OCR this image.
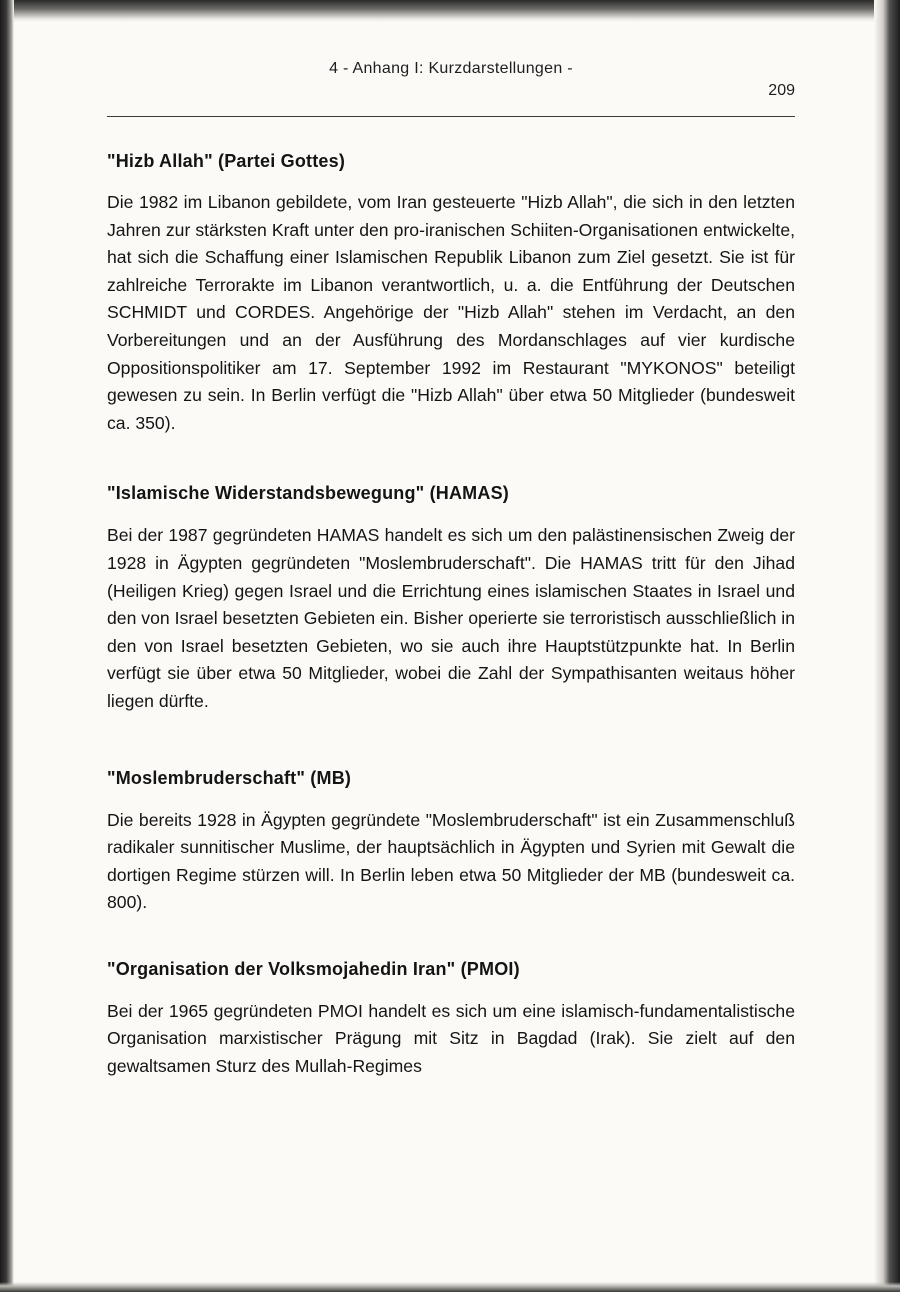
4 - Anhang I: Kurzdarstellungen -
209
"Hizb Allah" (Partei Gottes)

Die 1982 im Libanon gebildete, vom Iran gesteuerte "Hizb Allah", die sich in den letzten Jahren zur stärksten Kraft unter den pro-iranischen Schiiten-Organisationen entwickelte, hat sich die Schaffung einer Islamischen Republik Libanon zum Ziel gesetzt. Sie ist für zahlreiche Terrorakte im Libanon verantwortlich, u. a. die Entführung der Deutschen SCHMIDT und CORDES. Angehörige der "Hizb Allah" stehen im Verdacht, an den Vorbereitungen und an der Ausführung des Mordanschlages auf vier kurdische Oppositionspolitiker am 17. September 1992 im Restaurant "MYKONOS" beteiligt gewesen zu sein. In Berlin verfügt die "Hizb Allah" über etwa 50 Mitglieder (bundesweit ca. 350).

"Islamische Widerstandsbewegung" (HAMAS)

Bei der 1987 gegründeten HAMAS handelt es sich um den palästinensischen Zweig der 1928 in Ägypten gegründeten "Moslembruderschaft". Die HAMAS tritt für den Jihad (Heiligen Krieg) gegen Israel und die Errichtung eines islamischen Staates in Israel und den von Israel besetzten Gebieten ein. Bisher operierte sie terroristisch ausschließlich in den von Israel besetzten Gebieten, wo sie auch ihre Hauptstützpunkte hat. In Berlin verfügt sie über etwa 50 Mitglieder, wobei die Zahl der Sympathisanten weitaus höher liegen dürfte.

"Moslembruderschaft" (MB)

Die bereits 1928 in Ägypten gegründete "Moslembruderschaft" ist ein Zusammenschluß radikaler sunnitischer Muslime, der hauptsächlich in Ägypten und Syrien mit Gewalt die dortigen Regime stürzen will. In Berlin leben etwa 50 Mitglieder der MB (bundesweit ca. 800).

"Organisation der Volksmojahedin Iran" (PMOI)

Bei der 1965 gegründeten PMOI handelt es sich um eine islamisch-fundamentalistische Organisation marxistischer Prägung mit Sitz in Bagdad (Irak). Sie zielt auf den gewaltsamen Sturz des Mullah-Regimes
